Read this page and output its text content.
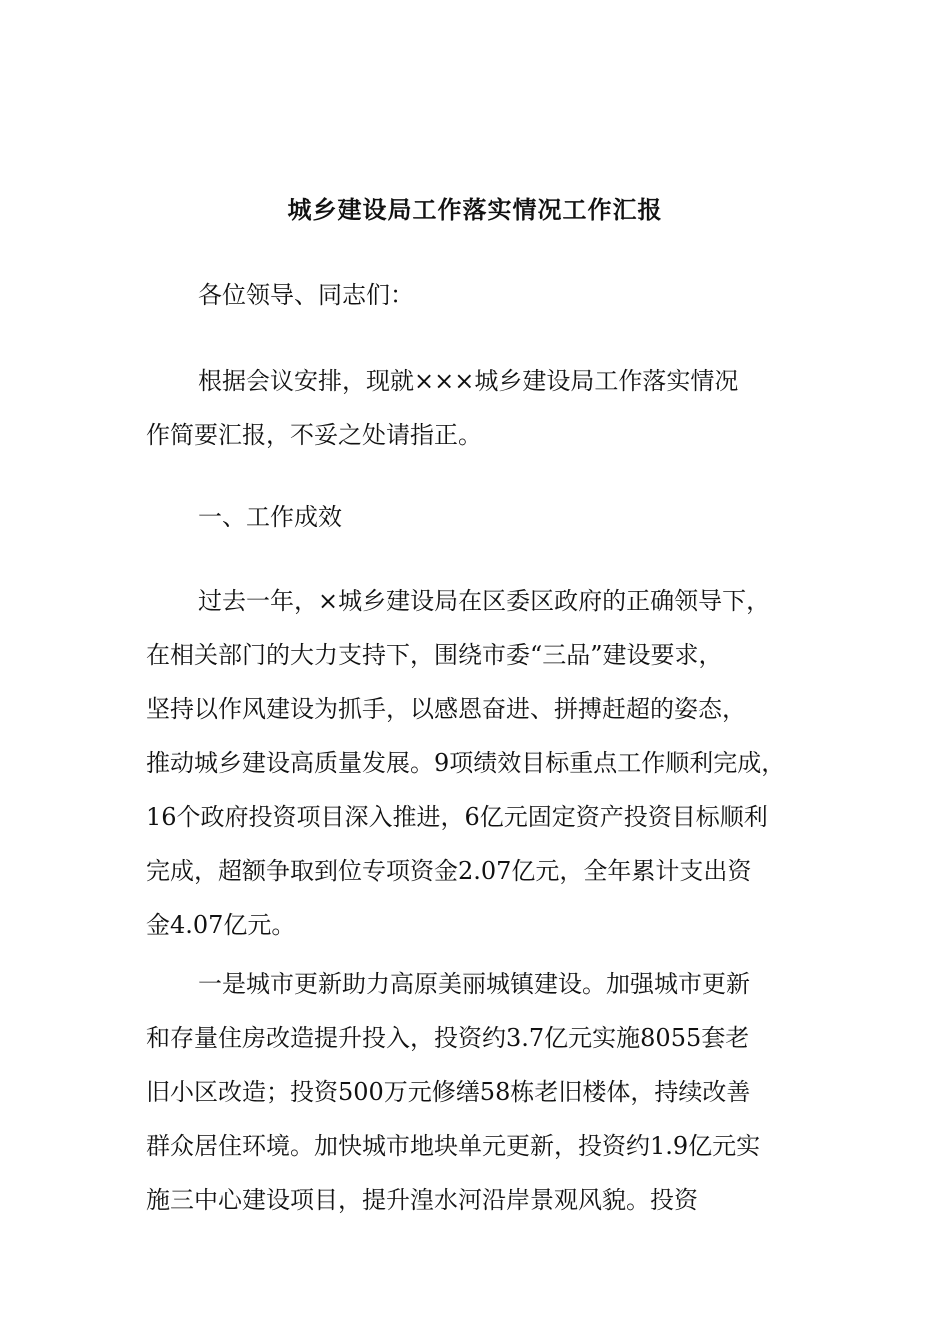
城乡建设局工作落实情况工作汇报
各位领导、同志们：
根据会议安排，现就×××城乡建设局工作落实情况
作简要汇报，不妥之处请指正。
一、工作成效
过去一年，×城乡建设局在区委区政府的正确领导下，
在相关部门的大力支持下，围绕市委“三品”建设要求，
坚持以作风建设为抓手，以感恩奋进、拼搏赶超的姿态，
推动城乡建设高质量发展。9项绩效目标重点工作顺利完成，
16个政府投资项目深入推进，6亿元固定资产投资目标顺利
完成，超额争取到位专项资金2.07亿元，全年累计支出资
金4.07亿元。
一是城市更新助力高原美丽城镇建设。加强城市更新
和存量住房改造提升投入，投资约3.7亿元实施8055套老
旧小区改造；投资500万元修缮58栋老旧楼体，持续改善
群众居住环境。加快城市地块单元更新，投资约1.9亿元实
施三中心建设项目，提升湟水河沿岸景观风貌。投资
